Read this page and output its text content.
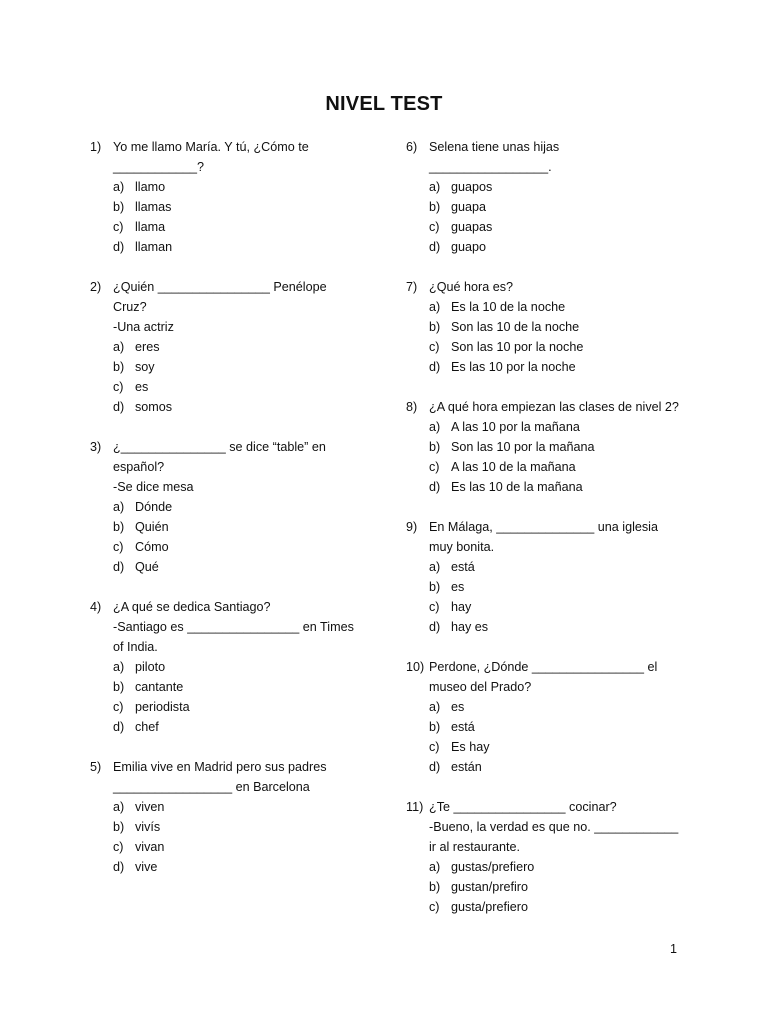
NIVEL TEST
1) Yo me llamo María. Y tú, ¿Cómo te
____________?
a) llamo
b) llamas
c) llama
d) llaman
2) ¿Quién ________________ Penélope
Cruz?
-Una actriz
a) eres
b) soy
c) es
d) somos
3) ¿_______________ se dice “table” en
español?
-Se dice mesa
a) Dónde
b) Quién
c) Cómo
d) Qué
4) ¿A qué se dedica Santiago?
-Santiago es ________________ en Times
of India.
a) piloto
b) cantante
c) periodista
d) chef
5) Emilia vive en Madrid pero sus padres
_________________ en Barcelona
a) viven
b) vivís
c) vivan
d) vive
6) Selena tiene unas hijas
_________________.
a) guapos
b) guapa
c) guapas
d) guapo
7) ¿Qué hora es?
a) Es la 10 de la noche
b) Son las 10 de la noche
c) Son las 10 por la noche
d) Es las 10 por la noche
8) ¿A qué hora empiezan las clases de nivel 2?
a) A las 10 por la mañana
b) Son las 10 por la mañana
c) A las 10 de la mañana
d) Es las 10 de la mañana
9) En Málaga, ______________ una iglesia
muy bonita.
a) está
b) es
c) hay
d) hay es
10) Perdone, ¿Dónde ________________ el
museo del Prado?
a) es
b) está
c) Es hay
d) están
11) ¿Te ________________ cocinar?
-Bueno, la verdad es que no. ____________
ir al restaurante.
a) gustas/prefiero
b) gustan/prefiro
c) gusta/prefiero
1
